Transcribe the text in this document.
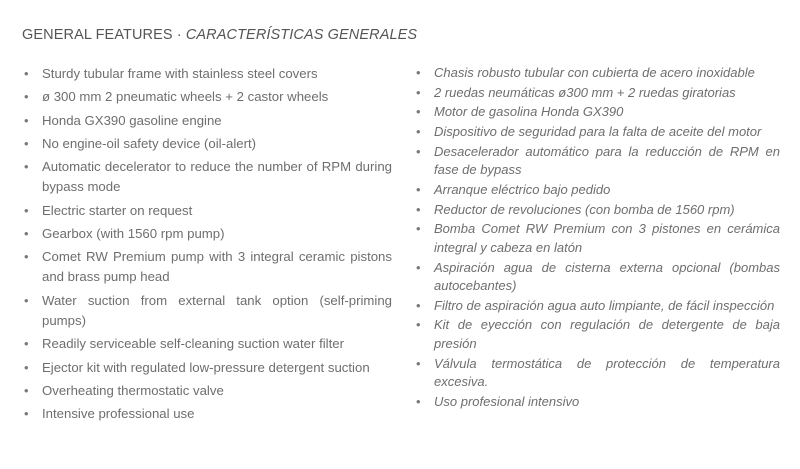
GENERAL FEATURES · CARACTERÍSTICAS GENERALES
• Sturdy tubular frame with stainless steel covers
• ø 300 mm 2 pneumatic wheels + 2 castor wheels
• Honda GX390 gasoline engine
• No engine-oil safety device (oil-alert)
• Automatic decelerator to reduce the number of RPM during bypass mode
• Electric starter on request
• Gearbox (with 1560 rpm pump)
• Comet RW Premium pump with 3 integral ceramic pistons and brass pump head
• Water suction from external tank option (self-priming pumps)
• Readily serviceable self-cleaning suction water filter
• Ejector kit with regulated low-pressure detergent suction
• Overheating thermostatic valve
• Intensive professional use
• Chasis robusto tubular con cubierta de acero inoxidable
• 2 ruedas neumáticas ø300 mm + 2 ruedas giratorias
• Motor de gasolina Honda GX390
• Dispositivo de seguridad para la falta de aceite del motor
• Desacelerador automático para la reducción de RPM en fase de bypass
• Arranque eléctrico bajo pedido
• Reductor de revoluciones (con bomba de 1560 rpm)
• Bomba Comet RW Premium con 3 pistones en cerámica integral y cabeza en latón
• Aspiración agua de cisterna externa opcional (bombas autocebantes)
• Filtro de aspiración agua auto limpiante, de fácil inspección
• Kit de eyección con regulación de detergente de baja presión
• Válvula termostática de protección de temperatura excesiva.
• Uso profesional intensivo
